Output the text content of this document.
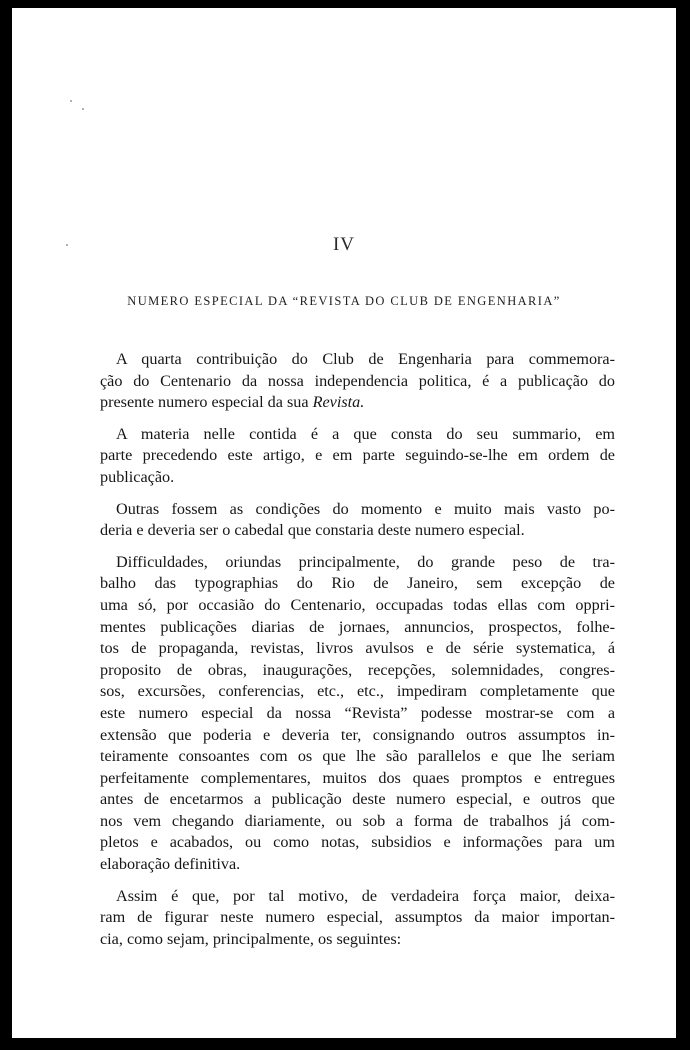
IV
NUMERO ESPECIAL DA “REVISTA DO CLUB DE ENGENHARIA”

A quarta contribuição do Club de Engenharia para commemora-
ção do Centenario da nossa independencia politica, é a publicação do
presente numero especial da sua Revista.

A materia nelle contida é a que consta do seu summario, em
parte precedendo este artigo, e em parte seguindo-se-lhe em ordem de
publicação.

Outras fossem as condições do momento e muito mais vasto po-
deria e deveria ser o cabedal que constaria deste numero especial.

Difficuldades, oriundas principalmente, do grande peso de tra-
balho das typographias do Rio de Janeiro, sem excepção de
uma só, por occasião do Centenario, occupadas todas ellas com oppri-
mentes publicações diarias de jornaes, annuncios, prospectos, folhe-
tos de propaganda, revistas, livros avulsos e de série systematica, á
proposito de obras, inaugurações, recepções, solemnidades, congres-
sos, excursões, conferencias, etc., etc., impediram completamente que
este numero especial da nossa “Revista” podesse mostrar-se com a
extensão que poderia e deveria ter, consignando outros assumptos in-
teiramente consoantes com os que lhe são parallelos e que lhe seriam
perfeitamente complementares, muitos dos quaes promptos e entregues
antes de encetarmos a publicação deste numero especial, e outros que
nos vem chegando diariamente, ou sob a forma de trabalhos já com-
pletos e acabados, ou como notas, subsidios e informações para um
elaboração definitiva.

Assim é que, por tal motivo, de verdadeira força maior, deixa-
ram de figurar neste numero especial, assumptos da maior importan-
cia, como sejam, principalmente, os seguintes:
